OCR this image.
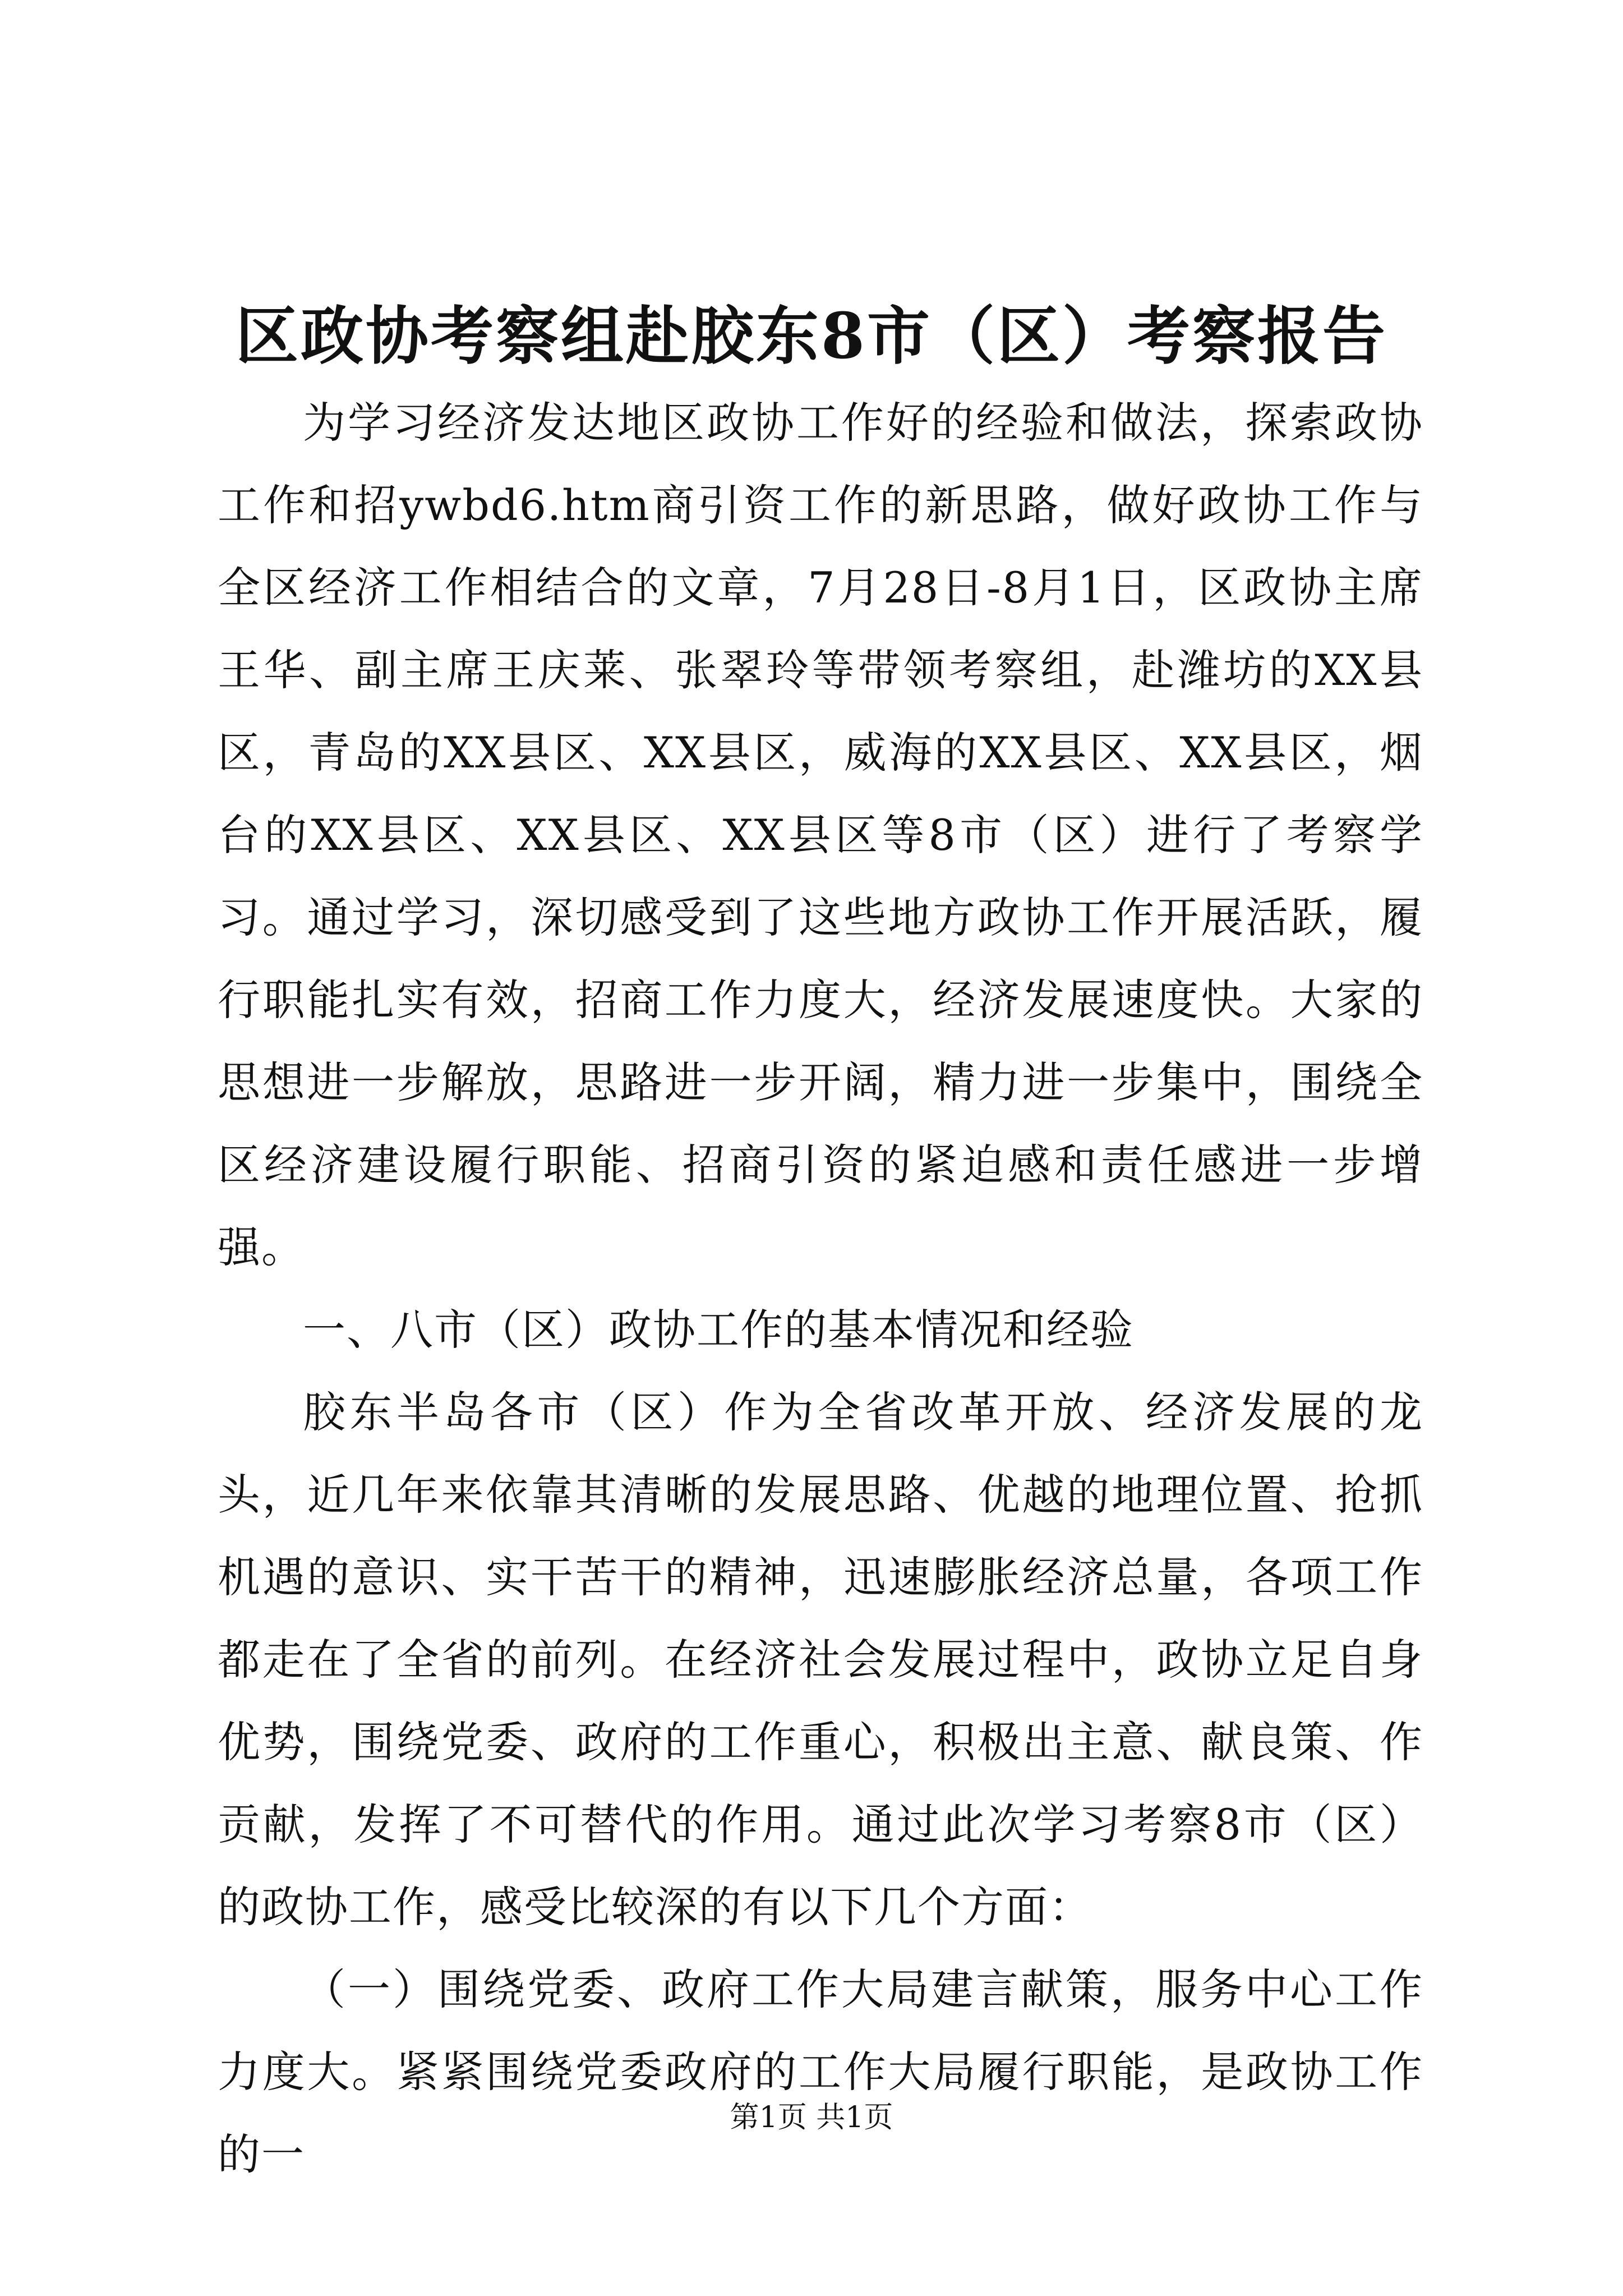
区政协考察组赴胶东8市（区）考察报告

为学习经济发达地区政协工作好的经验和做法，探索政协工作和招ywbd6.htm商引资工作的新思路，做好政协工作与全区经济工作相结合的文章，7月28日-8月1日，区政协主席王华、副主席王庆莱、张翠玲等带领考察组，赴潍坊的XX县区，青岛的XX县区、XX县区，威海的XX县区、XX县区，烟台的XX县区、XX县区、XX县区等8市（区）进行了考察学习。通过学习，深切感受到了这些地方政协工作开展活跃，履行职能扎实有效，招商工作力度大，经济发展速度快。大家的思想进一步解放，思路进一步开阔，精力进一步集中，围绕全区经济建设履行职能、招商引资的紧迫感和责任感进一步增强。

一、八市（区）政协工作的基本情况和经验

胶东半岛各市（区）作为全省改革开放、经济发展的龙头，近几年来依靠其清晰的发展思路、优越的地理位置、抢抓机遇的意识、实干苦干的精神，迅速膨胀经济总量，各项工作都走在了全省的前列。在经济社会发展过程中，政协立足自身优势，围绕党委、政府的工作重心，积极出主意、献良策、作贡献，发挥了不可替代的作用。通过此次学习考察8市（区）的政协工作，感受比较深的有以下几个方面：

（一）围绕党委、政府工作大局建言献策，服务中心工作力度大。紧紧围绕党委政府的工作大局履行职能，是政协工作的一

第1页 共1页
